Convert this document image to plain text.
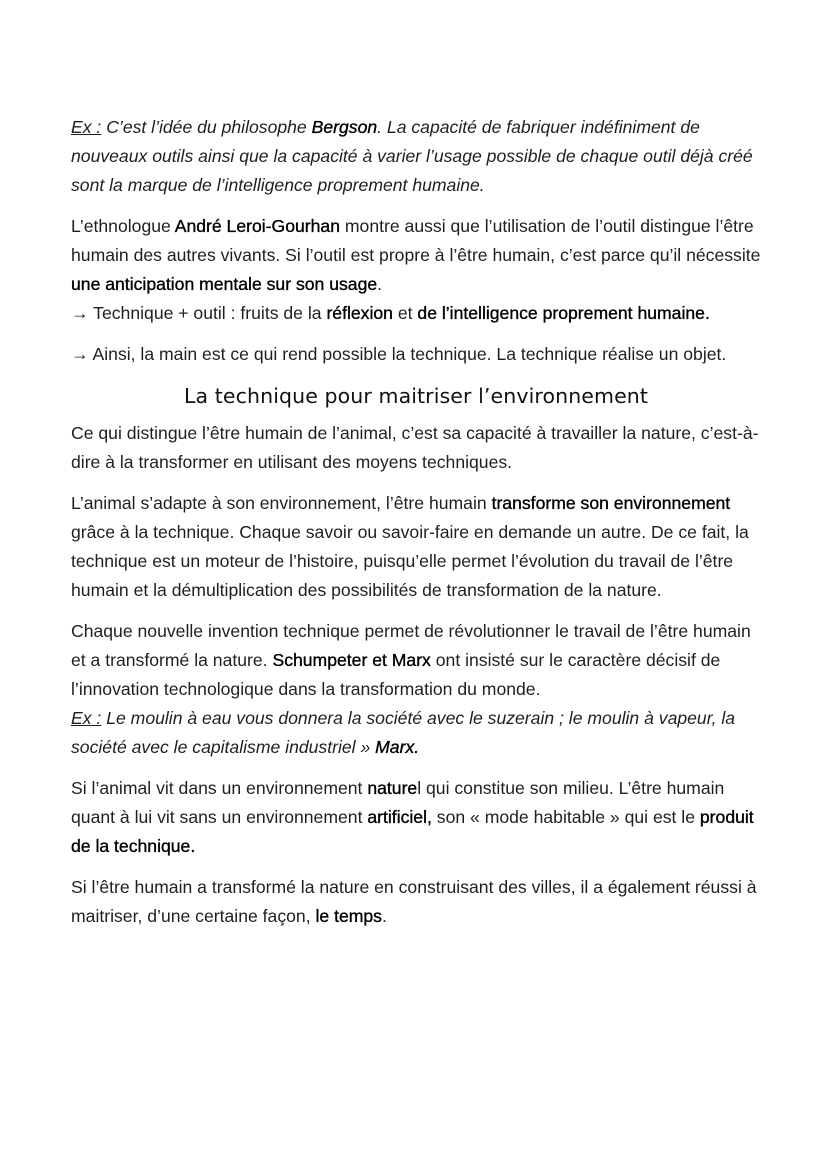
Ex : C’est l’idée du philosophe Bergson. La capacité de fabriquer indéfiniment de nouveaux outils ainsi que la capacité à varier l’usage possible de chaque outil déjà créé sont la marque de l’intelligence proprement humaine.

L’ethnologue André Leroi-Gourhan montre aussi que l’utilisation de l’outil distingue l’être humain des autres vivants. Si l’outil est propre à l’être humain, c’est parce qu’il nécessite une anticipation mentale sur son usage.
→ Technique + outil : fruits de la réflexion et de l’intelligence proprement humaine.

→ Ainsi, la main est ce qui rend possible la technique. La technique réalise un objet.

La technique pour maitriser l’environnement

Ce qui distingue l’être humain de l’animal, c’est sa capacité à travailler la nature, c’est-à-dire à la transformer en utilisant des moyens techniques.

L’animal s’adapte à son environnement, l’être humain transforme son environnement grâce à la technique. Chaque savoir ou savoir-faire en demande un autre. De ce fait, la technique est un moteur de l’histoire, puisqu’elle permet l’évolution du travail de l’être humain et la démultiplication des possibilités de transformation de la nature.

Chaque nouvelle invention technique permet de révolutionner le travail de l’être humain et a transformé la nature. Schumpeter et Marx ont insisté sur le caractère décisif de l’innovation technologique dans la transformation du monde.
Ex : Le moulin à eau vous donnera la société avec le suzerain ; le moulin à vapeur, la société avec le capitalisme industriel » Marx.

Si l’animal vit dans un environnement naturel qui constitue son milieu. L’être humain quant à lui vit sans un environnement artificiel, son « mode habitable » qui est le produit de la technique.

Si l’être humain a transformé la nature en construisant des villes, il a également réussi à maitriser, d’une certaine façon, le temps.
